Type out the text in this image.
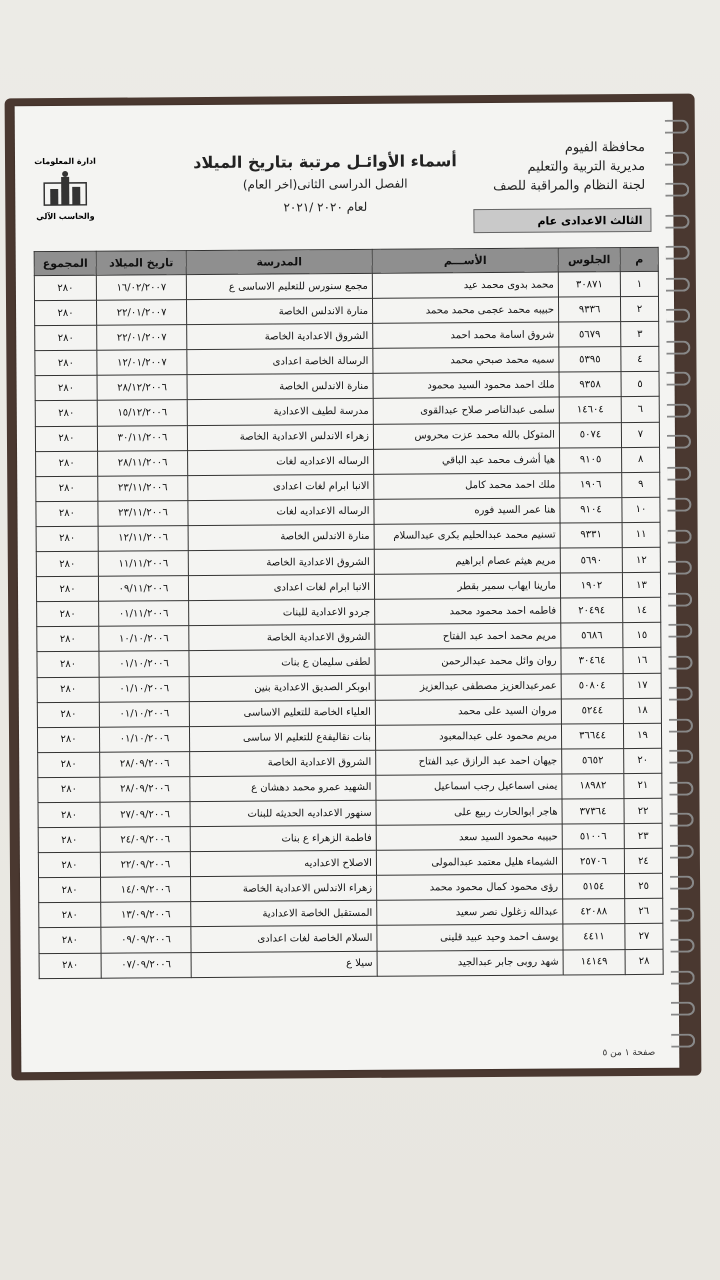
محافظة الفيوم
مديرية التربية والتعليم
لجنة النظام والمراقبة للصف
الثالث الاعدادى عام
أسماء الأوائـل مرتبة بتاريخ الميلاد
الفصل الدراسى الثانى(اخر العام)
لعام ٢٠٢٠ /٢٠٢١
ادارة المعلومات
والحاسب الآلي
م	الجلوس	الأســـم	المدرسة	تاريخ الميلاد	المجموع
١	٣٠٨٧١	محمد بدوى محمد عيد	مجمع سنورس للتعليم الاساسى ع	١٦/٠٢/٢٠٠٧	٢٨٠
٢	٩٣٣٦	حبيبه محمد عجمى محمد محمد	منارة الاندلس الخاصة	٢٢/٠١/٢٠٠٧	٢٨٠
٣	٥٦٧٩	شروق اسامة محمد احمد	الشروق الاعدادية الخاصة	٢٢/٠١/٢٠٠٧	٢٨٠
٤	٥٣٩٥	سميه محمد صبحي محمد	الرسالة الخاصة اعدادى	١٢/٠١/٢٠٠٧	٢٨٠
٥	٩٣٥٨	ملك احمد محمود السيد محمود	منارة الاندلس الخاصة	٢٨/١٢/٢٠٠٦	٢٨٠
٦	١٤٦٠٤	سلمى عبدالناصر صلاح عبدالقوى	مدرسة لطيف الاعدادية	١٥/١٢/٢٠٠٦	٢٨٠
٧	٥٠٧٤	المتوكل بالله محمد عزت محروس	زهراء الاندلس الاعدادية الخاصة	٣٠/١١/٢٠٠٦	٢٨٠
٨	٩١٠٥	هيا أشرف محمد عبد الباقي	الرساله الاعداديه لغات	٢٨/١١/٢٠٠٦	٢٨٠
٩	١٩٠٦	ملك احمد محمد كامل	الانبا ابرام لغات اعدادى	٢٣/١١/٢٠٠٦	٢٨٠
١٠	٩١٠٤	هنا عمر السيد فوره	الرساله الاعداديه لغات	٢٣/١١/٢٠٠٦	٢٨٠
١١	٩٣٣١	تسنيم محمد عبدالحليم بكرى عبدالسلام	منارة الاندلس الخاصة	١٢/١١/٢٠٠٦	٢٨٠
١٢	٥٦٩٠	مريم هيثم عصام ابراهيم	الشروق الاعدادية الخاصة	١١/١١/٢٠٠٦	٢٨٠
١٣	١٩٠٢	مارينا ايهاب سمير بقطر	الانبا ابرام لغات اعدادى	٠٩/١١/٢٠٠٦	٢٨٠
١٤	٢٠٤٩٤	فاطمه احمد محمود محمد	جردو الاعدادية للبنات	٠١/١١/٢٠٠٦	٢٨٠
١٥	٥٦٨٦	مريم محمد احمد عبد الفتاح	الشروق الاعدادية الخاصة	١٠/١٠/٢٠٠٦	٢٨٠
١٦	٣٠٤٦٤	روان وائل محمد عبدالرحمن	لطفى سليمان ع بنات	٠١/١٠/٢٠٠٦	٢٨٠
١٧	٥٠٨٠٤	عمرعبدالعزيز مصطفى عبدالعزيز	ابوبكر الصديق الاعدادية بنين	٠١/١٠/٢٠٠٦	٢٨٠
١٨	٥٢٤٤	مروان السيد على محمد	العلياء الخاصة للتعليم الاساسى	٠١/١٠/٢٠٠٦	٢٨٠
١٩	٣٦٦٤٤	مريم محمود على عبدالمعبود	بنات نقاليفةع للتعليم الا ساسى	٠١/١٠/٢٠٠٦	٢٨٠
٢٠	٥٦٥٢	جيهان احمد عبد الرازق عبد الفتاح	الشروق الاعدادية الخاصة	٢٨/٠٩/٢٠٠٦	٢٨٠
٢١	١٨٩٨٢	يمنى اسماعيل رجب اسماعيل	الشهيد عمرو محمد دهشان ع	٢٨/٠٩/٢٠٠٦	٢٨٠
٢٢	٣٧٣٦٤	هاجر ابوالحارث ربيع على	سنهور الاعداديه الحديثه للبنات	٢٧/٠٩/٢٠٠٦	٢٨٠
٢٣	٥١٠٠٦	حبيبه محمود السيد سعد	فاطمة الزهراء ع بنات	٢٤/٠٩/٢٠٠٦	٢٨٠
٢٤	٢٥٧٠٦	الشيماء هليل معتمد عبدالمولى	الاصلاح الاعداديه	٢٢/٠٩/٢٠٠٦	٢٨٠
٢٥	٥١٥٤	رؤى محمود كمال محمود محمد	زهراء الاندلس الاعدادية الخاصة	١٤/٠٩/٢٠٠٦	٢٨٠
٢٦	٤٢٠٨٨	عبدالله زغلول نصر سعيد	المستقبل الخاصة الاعدادية	١٣/٠٩/٢٠٠٦	٢٨٠
٢٧	٤٤١١	يوسف احمد وحيد عبيد قلينى	السلام الخاصة لغات اعدادى	٠٩/٠٩/٢٠٠٦	٢٨٠
٢٨	١٤١٤٩	شهد روبى جابر عبدالجيد	سيلا ع	٠٧/٠٩/٢٠٠٦	٢٨٠
صفحة ١ من ٥
